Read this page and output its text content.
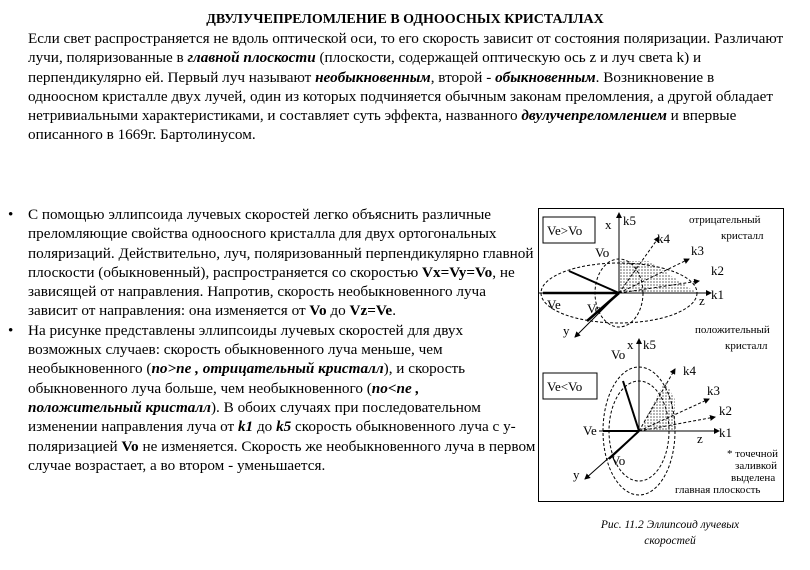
ДВУЛУЧЕПРЕЛОМЛЕНИЕ В ОДНООСНЫХ КРИСТАЛЛАХ
Если свет распространяется не вдоль оптической оси, то его скорость зависит от состояния поляризации. Различают лучи, поляризованные в главной плоскости (плоскости, содержащей оптическую ось z и луч света k) и перпендикулярно ей. Первый луч называют необыкновенным, второй - обыкновенным. Возникновение в одноосном кристалле двух лучей, один из которых подчиняется обычным законам преломления, а другой обладает нетривиальными характеристиками, и составляет суть эффекта, названного двулучепреломлением и впервые описанного в 1669г. Бартолинусом.
• С помощью эллипсоида лучевых скоростей легко объяснить различные преломляющие свойства одноосного кристалла для двух ортогональных поляризаций. Действительно, луч, поляризованный перпендикулярно главной плоскости (обыкновенный), распространяется со скоростью Vx=Vy=Vo, не зависящей от направления. Напротив, скорость необыкновенного луча зависит от направления: она изменяется от Vo до Vz=Ve.
• На рисунке представлены эллипсоиды лучевых скоростей для двух возможных случаев: скорость обыкновенного луча меньше, чем необыкновенного (no>ne , отрицательный кристалл), и скорость обыкновенного луча больше, чем необыкновенного (no<ne , положительный кристалл). В обоих случаях при последовательном изменении направления луча от k1 до k5 скорость обыкновенного луча с y-поляризацией Vo не изменяется. Скорость же необыкновенного луча в первом случае возрастает, а во втором - уменьшается.
Ve>Vo
отрицательный
кристалл
x k5
k4
k3
k2
k1
z
y
Ve Vo
Vo
положительный
кристалл
Ve<Vo
x k5
k4
k3
k2
k1
z
y
Ve
Vo
Vo
* точечной
заливкой
выделена
главная плоскость
Рис. 11.2 Эллипсоид лучевых
скоростей
